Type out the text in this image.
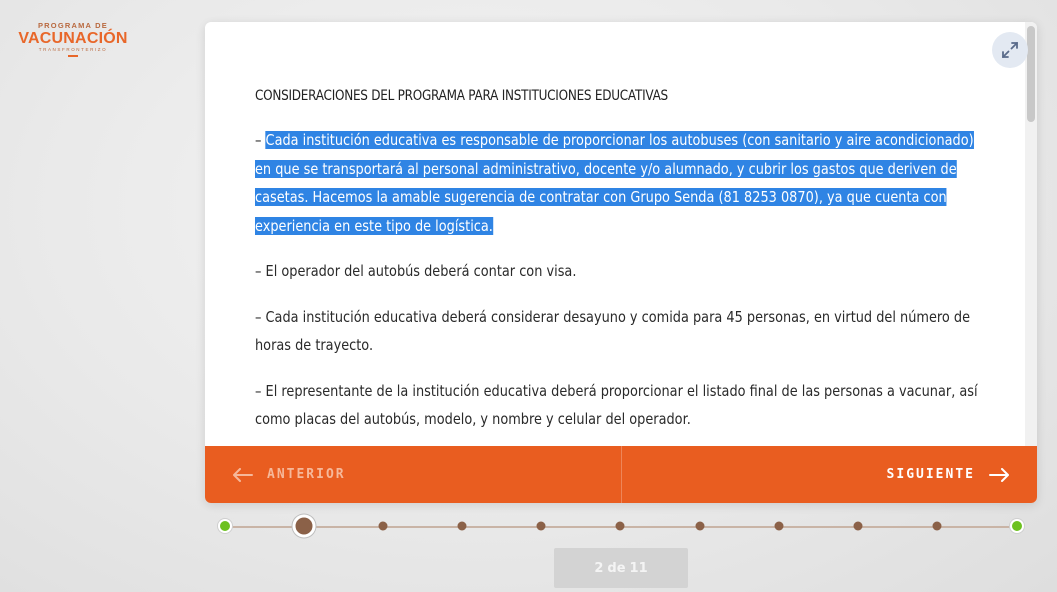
PROGRAMA DE
VACUNACIÓN
TRANSFRONTERIZO
CONSIDERACIONES DEL PROGRAMA PARA INSTITUCIONES EDUCATIVAS

– Cada institución educativa es responsable de proporcionar los autobuses (con sanitario y aire acondicionado) en que se transportará al personal administrativo, docente y/o alumnado, y cubrir los gastos que deriven de casetas. Hacemos la amable sugerencia de contratar con Grupo Senda (81 8253 0870), ya que cuenta con experiencia en este tipo de logística.

– El operador del autobús deberá contar con visa.

– Cada institución educativa deberá considerar desayuno y comida para 45 personas, en virtud del número de horas de trayecto.

– El representante de la institución educativa deberá proporcionar el listado final de las personas a vacunar, así como placas del autobús, modelo, y nombre y celular del operador.

ANTERIOR	SIGUIENTE
2 de 11
